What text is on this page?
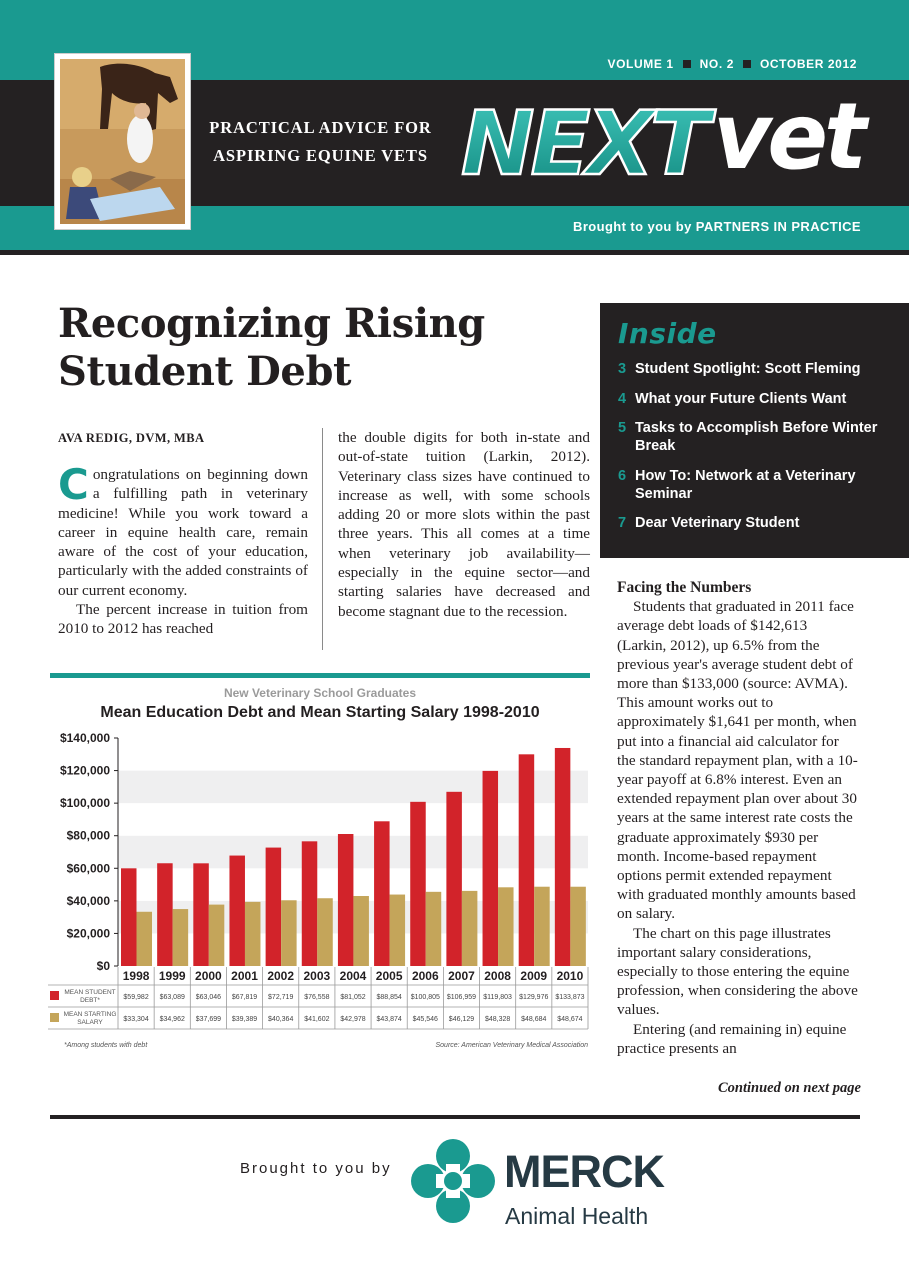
VOLUME 1 NO. 2 OCTOBER 2012
PRACTICAL ADVICE FOR
ASPIRING EQUINE VETS NEXT
vet
Brought to you by PARTNERS IN PRACTICE
Recognizing Rising
Student Debt
AVA REDIG, DVM, MBA

Congratulations on beginning down a fulfilling path in veterinary medicine! While you work toward a career in equine health care, remain aware of the cost of your education, particularly with the added constraints of our current economy.

The percent increase in tuition from 2010 to 2012 has reached

the double digits for both in-state and out-of-state tuition (Larkin, 2012). Veterinary class sizes have continued to increase as well, with some schools adding 20 or more slots within the past three years. This all comes at a time when veterinary job availability—especially in the equine sector—and starting salaries have decreased and become stagnant due to the recession.

New Veterinary School Graduates
Mean Education Debt and Mean Starting Salary 1998-2010
$0
$20,000
$40,000
$60,000
$80,000
$100,000
$120,000
$140,000
1998 1999 2000 2001 2002 2003 2004 2005 2006 2007 2008 2009 2010
MEAN STUDENT
DEBT*	$59,982 $63,089 $63,046 $67,819 $72,719 $76,558 $81,052 $88,854 $100,805 $106,959 $119,803 $129,976 $133,873
MEAN STARTING
SALARY	$33,304 $34,962 $37,699 $39,389 $40,364 $41,602 $42,978 $43,874 $45,546 $46,129 $48,328 $48,684 $48,674
*Among students with debt	Source: American Veterinary Medical Association
Inside
3 Student Spotlight: Scott Fleming
4 What your Future Clients Want
5 Tasks to Accomplish Before Winter Break
6 How To: Network at a Veterinary Seminar
7 Dear Veterinary Student
Facing the Numbers

Students that graduated in 2011 face average debt loads of $142,613 (Larkin, 2012), up 6.5% from the previous year's average student debt of more than $133,000 (source: AVMA). This amount works out to approximately $1,641 per month, when put into a financial aid calculator for the standard repayment plan, with a 10-year payoff at 6.8% interest. Even an extended repayment plan over about 30 years at the same interest rate costs the graduate approximately $930 per month. Income-based repayment options permit extended repayment with graduated monthly amounts based on salary.

The chart on this page illustrates important salary considerations, especially to those entering the equine profession, when considering the above values.

Entering (and remaining in) equine practice presents an

Continued on next page
Brought to you by MERCK
Animal Health
